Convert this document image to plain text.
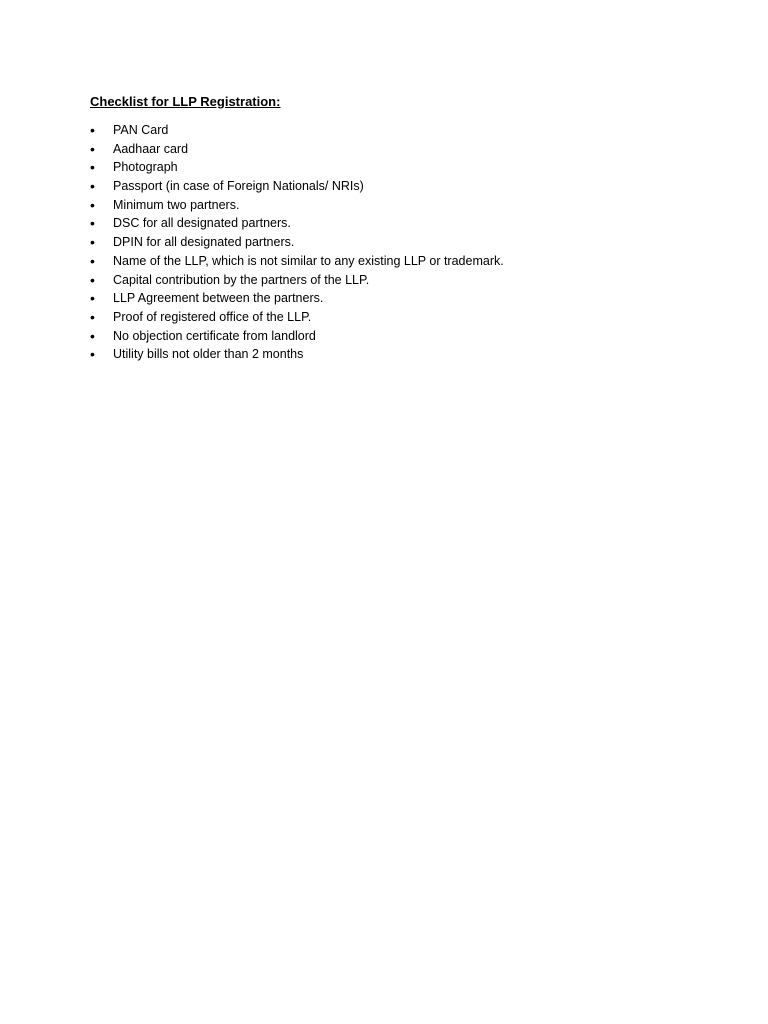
Checklist for LLP Registration:
•	PAN Card
•	Aadhaar card
•	Photograph
•	Passport (in case of Foreign Nationals/ NRIs)
•	Minimum two partners.
•	DSC for all designated partners.
•	DPIN for all designated partners.
•	Name of the LLP, which is not similar to any existing LLP or trademark.
•	Capital contribution by the partners of the LLP.
•	LLP Agreement between the partners.
•	Proof of registered office of the LLP.
•	No objection certificate from landlord
•	Utility bills not older than 2 months
